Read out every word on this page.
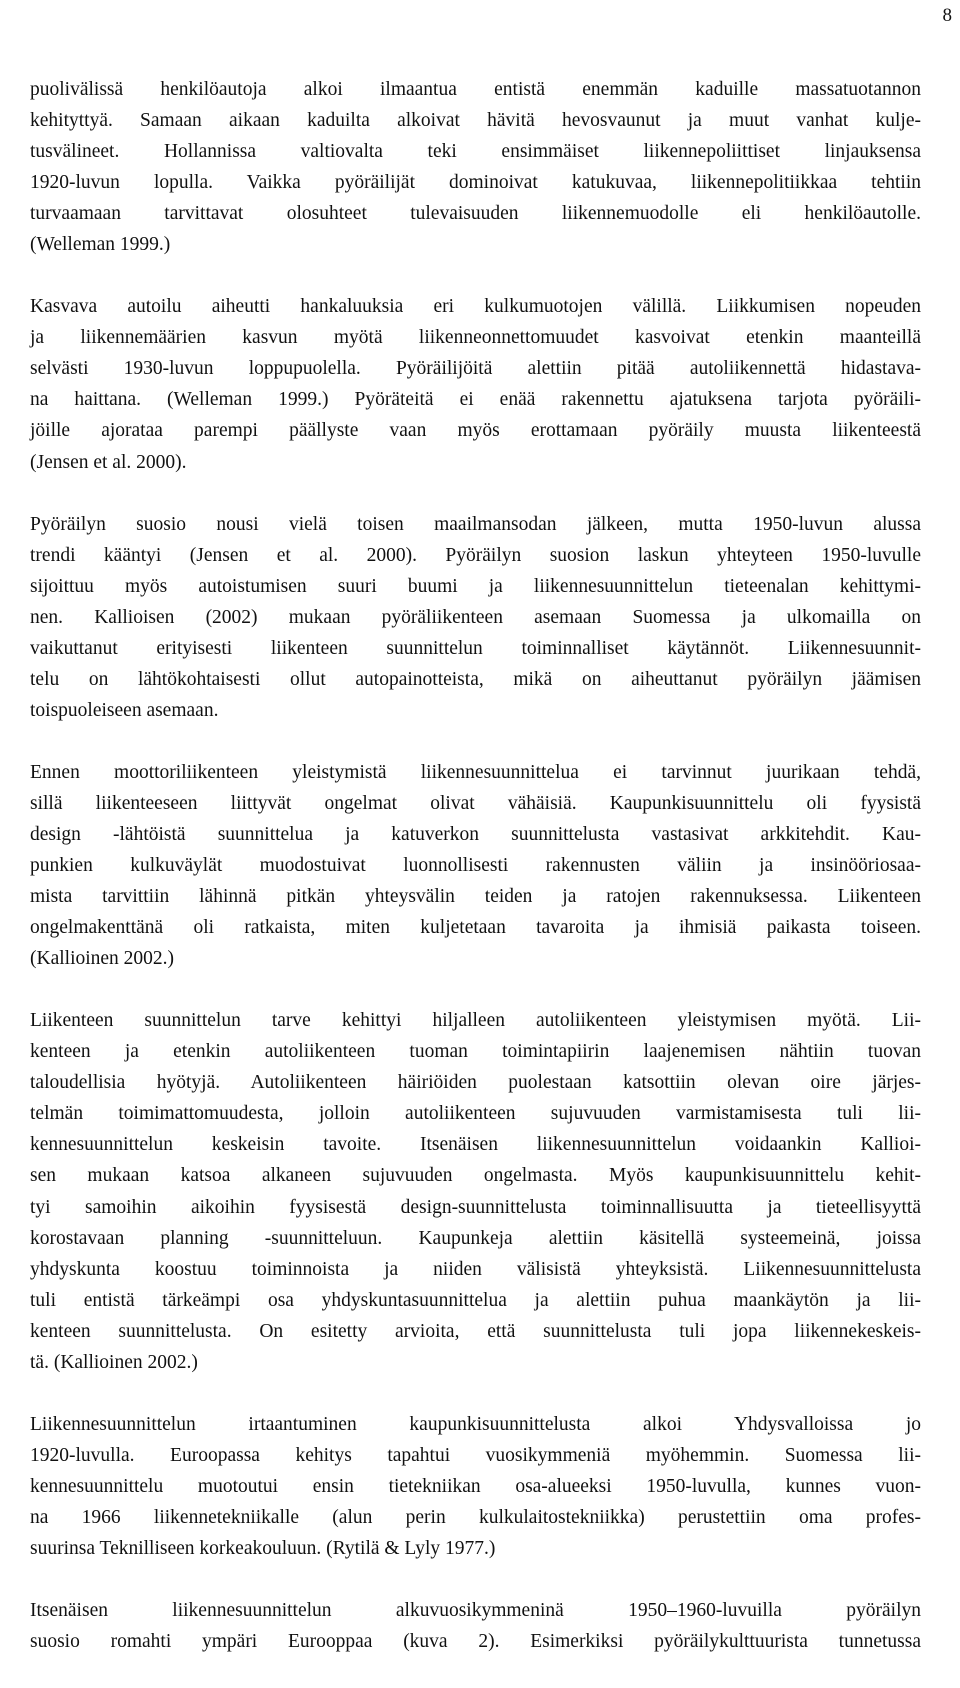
8
puolivälissä henkilöautoja alkoi ilmaantua entistä enemmän kaduille massatuotannon
kehityttyä. Samaan aikaan kaduilta alkoivat hävitä hevosvaunut ja muut vanhat kulje-
tusvälineet. Hollannissa valtiovalta teki ensimmäiset liikennepoliittiset linjauksensa
1920-luvun lopulla. Vaikka pyöräilijät dominoivat katukuvaa, liikennepolitiikkaa tehtiin
turvaamaan tarvittavat olosuhteet tulevaisuuden liikennemuodolle eli henkilöautolle.
(Welleman 1999.)
Kasvava autoilu aiheutti hankaluuksia eri kulkumuotojen välillä. Liikkumisen nopeuden
ja liikennemäärien kasvun myötä liikenneonnettomuudet kasvoivat etenkin maanteillä
selvästi 1930-luvun loppupuolella. Pyöräilijöitä alettiin pitää autoliikennettä hidastava-
na haittana. (Welleman 1999.) Pyöräteitä ei enää rakennettu ajatuksena tarjota pyöräili-
jöille ajorataa parempi päällyste vaan myös erottamaan pyöräily muusta liikenteestä
(Jensen et al. 2000).
Pyöräilyn suosio nousi vielä toisen maailmansodan jälkeen, mutta 1950-luvun alussa
trendi kääntyi (Jensen et al. 2000). Pyöräilyn suosion laskun yhteyteen 1950-luvulle
sijoittuu myös autoistumisen suuri buumi ja liikennesuunnittelun tieteenalan kehittymi-
nen. Kallioisen (2002) mukaan pyöräliikenteen asemaan Suomessa ja ulkomailla on
vaikuttanut erityisesti liikenteen suunnittelun toiminnalliset käytännöt. Liikennesuunnit-
telu on lähtökohtaisesti ollut autopainotteista, mikä on aiheuttanut pyöräilyn jäämisen
toispuoleiseen asemaan.
Ennen moottoriliikenteen yleistymistä liikennesuunnittelua ei tarvinnut juurikaan tehdä,
sillä liikenteeseen liittyvät ongelmat olivat vähäisiä. Kaupunkisuunnittelu oli fyysistä
design -lähtöistä suunnittelua ja katuverkon suunnittelusta vastasivat arkkitehdit. Kau-
punkien kulkuväylät muodostuivat luonnollisesti rakennusten väliin ja insinööriosaa-
mista tarvittiin lähinnä pitkän yhteysvälin teiden ja ratojen rakennuksessa. Liikenteen
ongelmakenttänä oli ratkaista, miten kuljetetaan tavaroita ja ihmisiä paikasta toiseen.
(Kallioinen 2002.)
Liikenteen suunnittelun tarve kehittyi hiljalleen autoliikenteen yleistymisen myötä. Lii-
kenteen ja etenkin autoliikenteen tuoman toimintapiirin laajenemisen nähtiin tuovan
taloudellisia hyötyjä. Autoliikenteen häiriöiden puolestaan katsottiin olevan oire järjes-
telmän toimimattomuudesta, jolloin autoliikenteen sujuvuuden varmistamisesta tuli lii-
kennesuunnittelun keskeisin tavoite. Itsenäisen liikennesuunnittelun voidaankin Kallioi-
sen mukaan katsoa alkaneen sujuvuuden ongelmasta. Myös kaupunkisuunnittelu kehit-
tyi samoihin aikoihin fyysisestä design-suunnittelusta toiminnallisuutta ja tieteellisyyttä
korostavaan planning -suunnitteluun. Kaupunkeja alettiin käsitellä systeemeinä, joissa
yhdyskunta koostuu toiminnoista ja niiden välisistä yhteyksistä. Liikennesuunnittelusta
tuli entistä tärkeämpi osa yhdyskuntasuunnittelua ja alettiin puhua maankäytön ja lii-
kenteen suunnittelusta. On esitetty arvioita, että suunnittelusta tuli jopa liikennekeskeis-
tä. (Kallioinen 2002.)
Liikennesuunnittelun irtaantuminen kaupunkisuunnittelusta alkoi Yhdysvalloissa jo
1920-luvulla. Euroopassa kehitys tapahtui vuosikymmeniä myöhemmin. Suomessa lii-
kennesuunnittelu muotoutui ensin tietekniikan osa-alueeksi 1950-luvulla, kunnes vuon-
na 1966 liikennetekniikalle (alun perin kulkulaitostekniikka) perustettiin oma profes-
suurinsa Teknilliseen korkeakouluun. (Rytilä & Lyly 1977.)
Itsenäisen liikennesuunnittelun alkuvuosikymmeninä 1950–1960-luvuilla pyöräilyn
suosio romahti ympäri Eurooppaa (kuva 2). Esimerkiksi pyöräilykulttuurista tunnetussa
